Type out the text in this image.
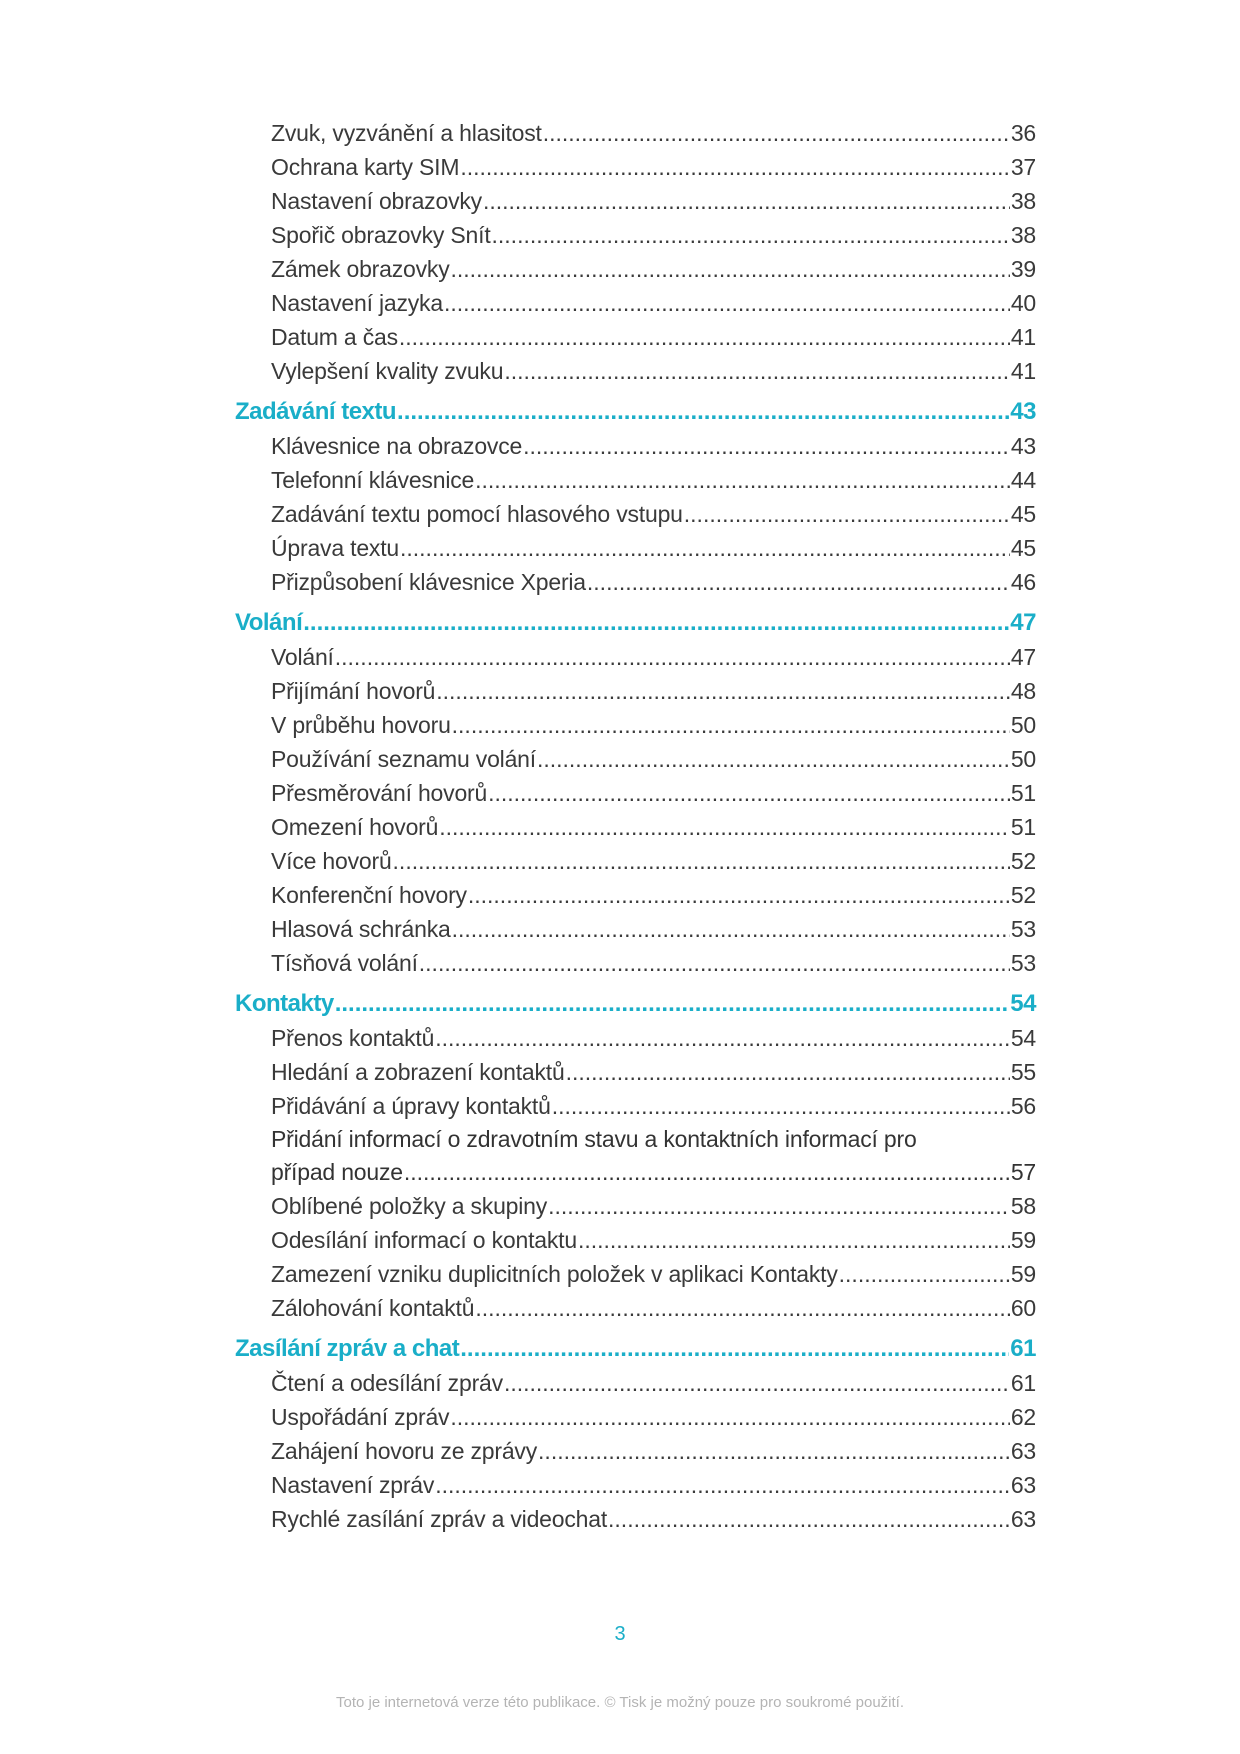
Zvuk, vyzvánění a hlasitost .....	36
Ochrana karty SIM .....	37
Nastavení obrazovky .....	38
Spořič obrazovky Snít .....	38
Zámek obrazovky .....	39
Nastavení jazyka .....	40
Datum a čas .....	41
Vylepšení kvality zvuku .....	41
Zadávání textu .....	43
Klávesnice na obrazovce .....	43
Telefonní klávesnice .....	44
Zadávání textu pomocí hlasového vstupu .....	45
Úprava textu .....	45
Přizpůsobení klávesnice Xperia .....	46
Volání .....	47
Volání .....	47
Přijímání hovorů .....	48
V průběhu hovoru .....	50
Používání seznamu volání .....	50
Přesměrování hovorů .....	51
Omezení hovorů .....	51
Více hovorů .....	52
Konferenční hovory .....	52
Hlasová schránka .....	53
Tísňová volání .....	53
Kontakty .....	54
Přenos kontaktů .....	54
Hledání a zobrazení kontaktů .....	55
Přidávání a úpravy kontaktů .....	56
Přidání informací o zdravotním stavu a kontaktních informací pro
případ nouze .....	57
Oblíbené položky a skupiny .....	58
Odesílání informací o kontaktu .....	59
Zamezení vzniku duplicitních položek v aplikaci Kontakty .....	59
Zálohování kontaktů .....	60
Zasílání zpráv a chat .....	61
Čtení a odesílání zpráv .....	61
Uspořádání zpráv .....	62
Zahájení hovoru ze zprávy .....	63
Nastavení zpráv .....	63
Rychlé zasílání zpráv a videochat .....	63
3
Toto je internetová verze této publikace. © Tisk je možný pouze pro soukromé použití.
